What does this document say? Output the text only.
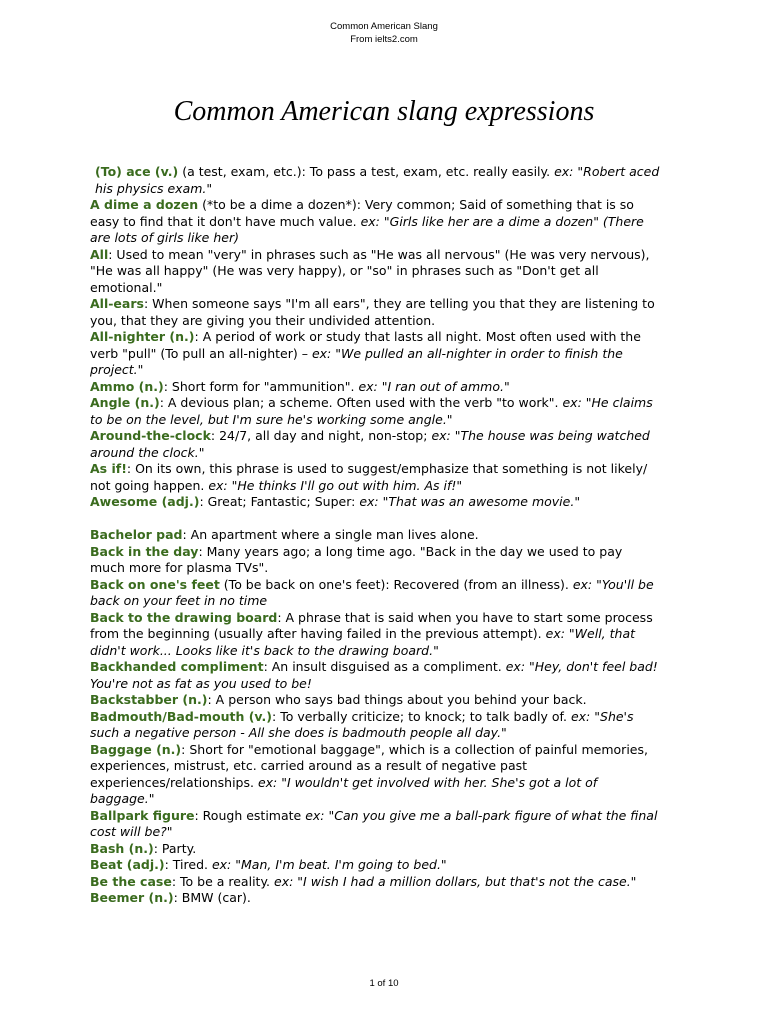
Common American Slang
From ielts2.com
Common American slang expressions

(To) ace (v.) (a test, exam, etc.): To pass a test, exam, etc. really easily. ex: "Robert aced his physics exam."

A dime a dozen (*to be a dime a dozen*): Very common; Said of something that is so easy to find that it don't have much value. ex: "Girls like her are a dime a dozen" (There are lots of girls like her)

All: Used to mean "very" in phrases such as "He was all nervous" (He was very nervous), "He was all happy" (He was very happy), or "so" in phrases such as "Don't get all emotional."

All-ears: When someone says "I'm all ears", they are telling you that they are listening to you, that they are giving you their undivided attention.

All-nighter (n.): A period of work or study that lasts all night. Most often used with the verb "pull" (To pull an all-nighter) – ex: "We pulled an all-nighter in order to finish the project."

Ammo (n.): Short form for "ammunition". ex: "I ran out of ammo."

Angle (n.): A devious plan; a scheme. Often used with the verb "to work". ex: "He claims to be on the level, but I'm sure he's working some angle."

Around-the-clock: 24/7, all day and night, non-stop; ex: "The house was being watched around the clock."

As if!: On its own, this phrase is used to suggest/emphasize that something is not likely/ not going happen. ex: "He thinks I'll go out with him. As if!"

Awesome (adj.): Great; Fantastic; Super: ex: "That was an awesome movie."

Bachelor pad: An apartment where a single man lives alone.

Back in the day: Many years ago; a long time ago. "Back in the day we used to pay much more for plasma TVs".

Back on one's feet (To be back on one's feet): Recovered (from an illness). ex: "You'll be back on your feet in no time

Back to the drawing board: A phrase that is said when you have to start some process from the beginning (usually after having failed in the previous attempt). ex: "Well, that didn't work... Looks like it's back to the drawing board."

Backhanded compliment: An insult disguised as a compliment. ex: "Hey, don't feel bad! You're not as fat as you used to be!

Backstabber (n.): A person who says bad things about you behind your back.

Badmouth/Bad-mouth (v.): To verbally criticize; to knock; to talk badly of. ex: "She's such a negative person - All she does is badmouth people all day."

Baggage (n.): Short for "emotional baggage", which is a collection of painful memories, experiences, mistrust, etc. carried around as a result of negative past experiences/relationships. ex: "I wouldn't get involved with her. She's got a lot of baggage."

Ballpark figure: Rough estimate ex: "Can you give me a ball-park figure of what the final cost will be?"

Bash (n.): Party.

Beat (adj.): Tired. ex: "Man, I'm beat. I'm going to bed."

Be the case: To be a reality. ex: "I wish I had a million dollars, but that's not the case."

Beemer (n.): BMW (car).

1 of 10
